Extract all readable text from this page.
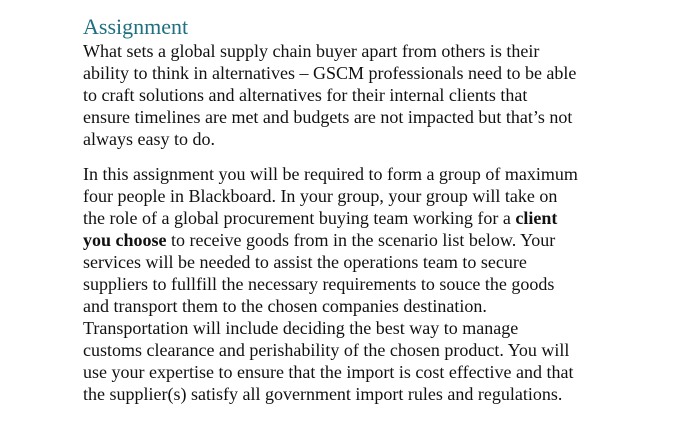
Assignment

What sets a global supply chain buyer apart from others is their
ability to think in alternatives – GSCM professionals need to be able
to craft solutions and alternatives for their internal clients that
ensure timelines are met and budgets are not impacted but that’s not
always easy to do.

In this assignment you will be required to form a group of maximum
four people in Blackboard. In your group, your group will take on
the role of a global procurement buying team working for a client
you choose to receive goods from in the scenario list below. Your
services will be needed to assist the operations team to secure
suppliers to fullfill the necessary requirements to souce the goods
and transport them to the chosen companies destination.
Transportation will include deciding the best way to manage
customs clearance and perishability of the chosen product. You will
use your expertise to ensure that the import is cost effective and that
the supplier(s) satisfy all government import rules and regulations.
